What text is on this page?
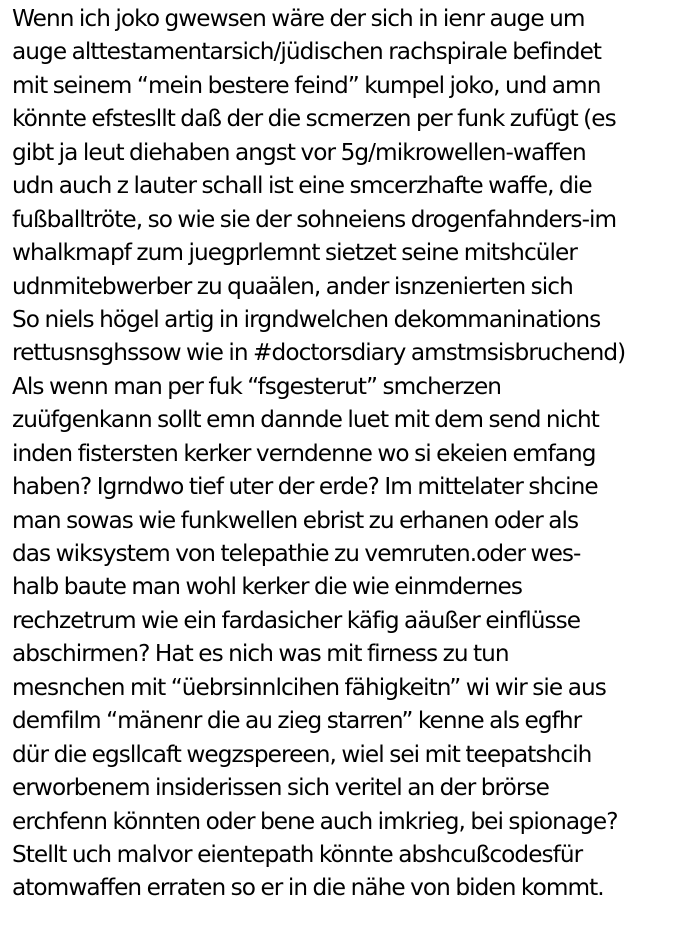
Wenn ich joko gwewsen wäre der sich in ienr auge um
auge alttestamentarsich/jüdischen rachspirale befindet
mit seinem “mein bestere feind” kumpel joko, und amn
könnte efstesllt daß der die scmerzen per funk zufügt (es
gibt ja leut diehaben angst vor 5g/mikrowellen-waffen
udn auch z lauter schall ist eine smcerzhafte waffe, die
fußballtröte, so wie sie der sohneiens drogenfahnders-im
whalkmapf zum juegprlemnt sietzet seine mitshcüler
udnmitebwerber zu quaälen, ander isnzenierten sich
So niels högel artig in irgndwelchen dekommaninations
rettusnsghssow wie in #doctorsdiary amstmsisbruchend)
Als wenn man per fuk “fsgesterut” smcherzen
zuüfgenkann sollt emn dannde luet mit dem send nicht
inden fistersten kerker verndenne wo si ekeien emfang
haben? Igrndwo tief uter der erde? Im mittelater shcine
man sowas wie funkwellen ebrist zu erhanen oder als
das wiksystem von telepathie zu vemruten.oder wes-
halb baute man wohl kerker die wie einmdernes
rechzetrum wie ein fardasicher käfig aäußer einflüsse
abschirmen? Hat es nich was mit firness zu tun
mesnchen mit “üebrsinnlcihen fähigkeitn” wi wir sie aus
demfilm “mänenr die au zieg starren” kenne als egfhr
dür die egsllcaft wegzspereen, wiel sei mit teepatshcih
erworbenem insiderissen sich veritel an der brörse
erchfenn könnten oder bene auch imkrieg, bei spionage?
Stellt uch malvor eientepath könnte abshcußcodesfür
atomwaffen erraten so er in die nähe von biden kommt.
